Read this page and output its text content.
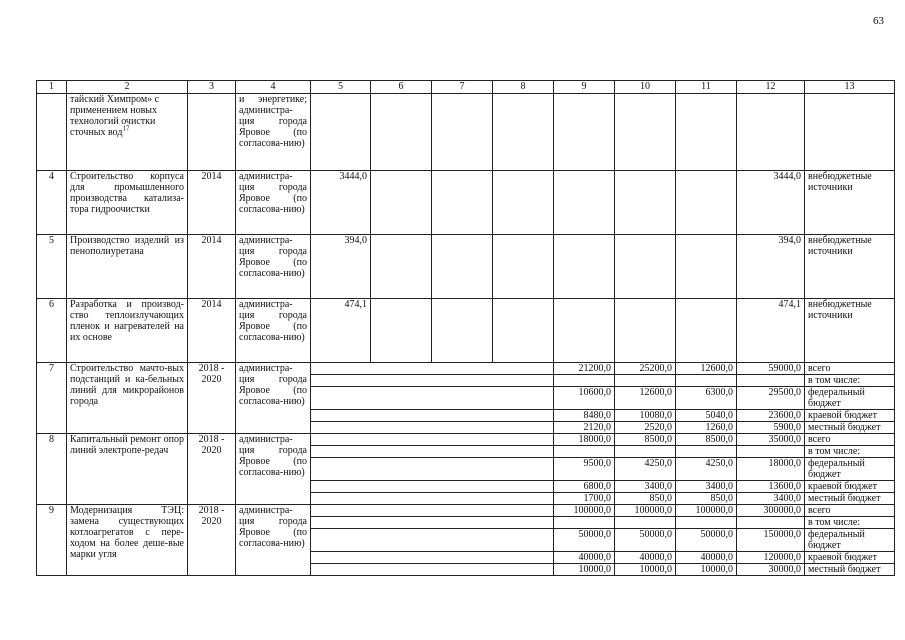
63
1	2	3	4	5	6	7	8	9	10	11	12	13

	тайский Химпром» с
применением новых
технологий очистки
сточных вод$^{17}$		и энергетике; администра-ция города Яровое (по согласова-нию)									
4	Строительство корпуса для промышленного производства катализа-тора гидроочистки	2014	администра-ция города Яровое (по согласова-нию)	3444,0							3444,0	внебюджетные источники
5	Производство изделий из пенополиуретана	2014	администра-ция города Яровое (по согласова-нию)	394,0							394,0	внебюджетные источники
6	Разработка и производ-ство теплоизлучающих пленок и нагревателей на их основе	2014	администра-ция города Яровое (по согласова-нию)	474,1							474,1	внебюджетные источники
7	Строительство мачто-вых подстанций и ка-бельных линий для микрорайонов города	2018 - 2020	администра-ция города Яровое (по согласова-нию)					21200,0	25200,0	12600,0	59000,0	всего
												в том числе:
								10600,0	12600,0	6300,0	29500,0	федеральный бюджет
								8480,0	10080,0	5040,0	23600,0	краевой бюджет
								2120,0	2520,0	1260,0	5900,0	местный бюджет
8	Капитальный ремонт опор линий электропе-редач	2018 - 2020	администра-ция города Яровое (по согласова-нию)					18000,0	8500,0	8500,0	35000,0	всего
												в том числе:
								9500,0	4250,0	4250,0	18000,0	федеральный бюджет
								6800,0	3400,0	3400,0	13600,0	краевой бюджет
								1700,0	850,0	850,0	3400,0	местный бюджет
9	Модернизация ТЭЦ: замена существующих котлоагрегатов с пере-ходом на более деше-вые марки угля	2018 - 2020	администра-ция города Яровое (по согласова-нию)					100000,0	100000,0	100000,0	300000,0	всего
												в том числе:
								50000,0	50000,0	50000,0	150000,0	федеральный бюджет
								40000,0	40000,0	40000,0	120000,0	краевой бюджет
								10000,0	10000,0	10000,0	30000,0	местный бюджет
